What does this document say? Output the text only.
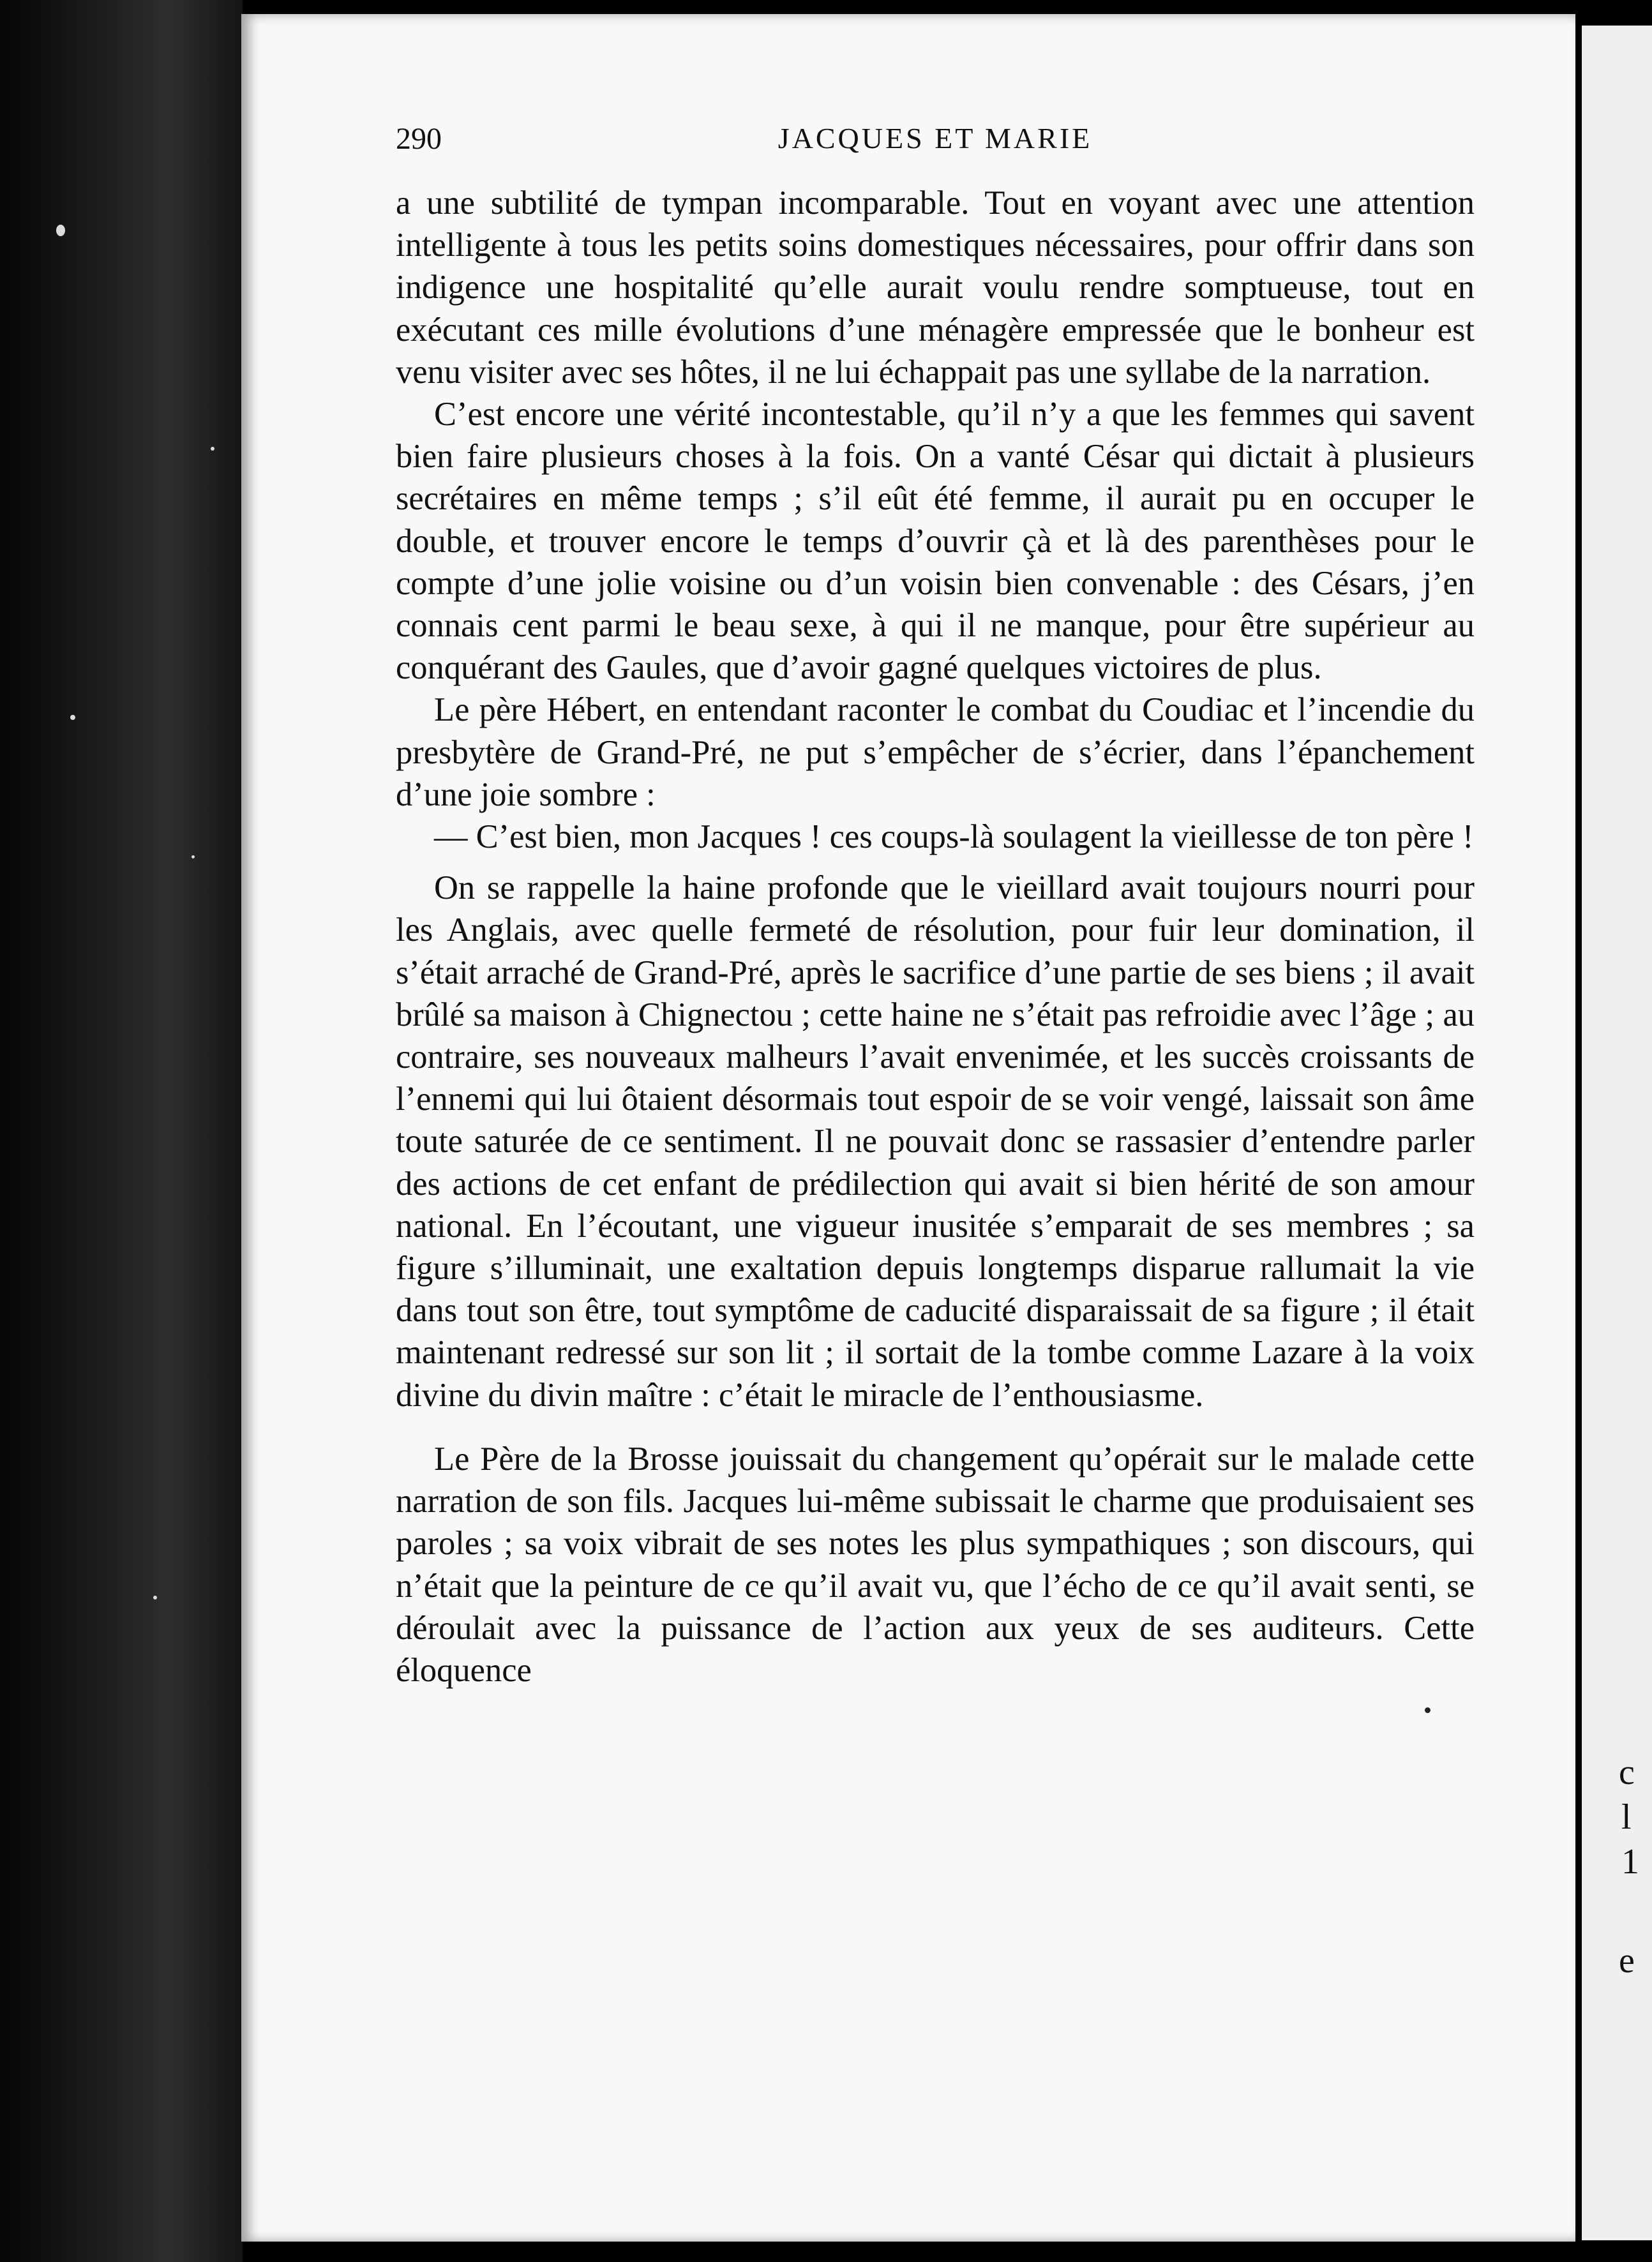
c
l
1
e
290	JACQUES ET MARIE

a une subtilité de tympan incomparable. Tout en voyant avec une attention intelligente à tous les petits soins domestiques nécessaires, pour offrir dans son indigence une hospitalité qu’elle aurait voulu rendre somptueuse, tout en exécutant ces mille évolutions d’une ménagère empressée que le bonheur est venu visiter avec ses hôtes, il ne lui échappait pas une syllabe de la narration.

C’est encore une vérité incontestable, qu’il n’y a que les femmes qui savent bien faire plusieurs choses à la fois. On a vanté César qui dictait à plusieurs secrétaires en même temps ; s’il eût été femme, il aurait pu en occuper le double, et trouver encore le temps d’ouvrir çà et là des parenthèses pour le compte d’une jolie voisine ou d’un voisin bien convenable : des Césars, j’en connais cent parmi le beau sexe, à qui il ne manque, pour être supérieur au conquérant des Gaules, que d’avoir gagné quelques victoires de plus.

Le père Hébert, en entendant raconter le combat du Coudiac et l’incendie du presbytère de Grand-Pré, ne put s’empêcher de s’écrier, dans l’épanchement d’une joie sombre :

— C’est bien, mon Jacques ! ces coups-là soulagent la vieillesse de ton père !

On se rappelle la haine profonde que le vieillard avait toujours nourri pour les Anglais, avec quelle fermeté de résolution, pour fuir leur domination, il s’était arraché de Grand-Pré, après le sacrifice d’une partie de ses biens ; il avait brûlé sa maison à Chignectou ; cette haine ne s’était pas refroidie avec l’âge ; au contraire, ses nouveaux malheurs l’avait envenimée, et les succès croissants de l’ennemi qui lui ôtaient désormais tout espoir de se voir vengé, laissait son âme toute saturée de ce sentiment. Il ne pouvait donc se rassasier d’entendre parler des actions de cet enfant de prédilection qui avait si bien hérité de son amour national. En l’écoutant, une vigueur inusitée s’emparait de ses membres ; sa figure s’illuminait, une exaltation depuis longtemps disparue rallumait la vie dans tout son être, tout symptôme de caducité disparaissait de sa figure ; il était maintenant redressé sur son lit ; il sortait de la tombe comme Lazare à la voix divine du divin maître : c’était le miracle de l’enthousiasme.

Le Père de la Brosse jouissait du changement qu’opérait sur le malade cette narration de son fils. Jacques lui-même subissait le charme que produisaient ses paroles ; sa voix vibrait de ses notes les plus sympathiques ; son discours, qui n’était que la peinture de ce qu’il avait vu, que l’écho de ce qu’il avait senti, se déroulait avec la puissance de l’action aux yeux de ses auditeurs. Cette éloquence
